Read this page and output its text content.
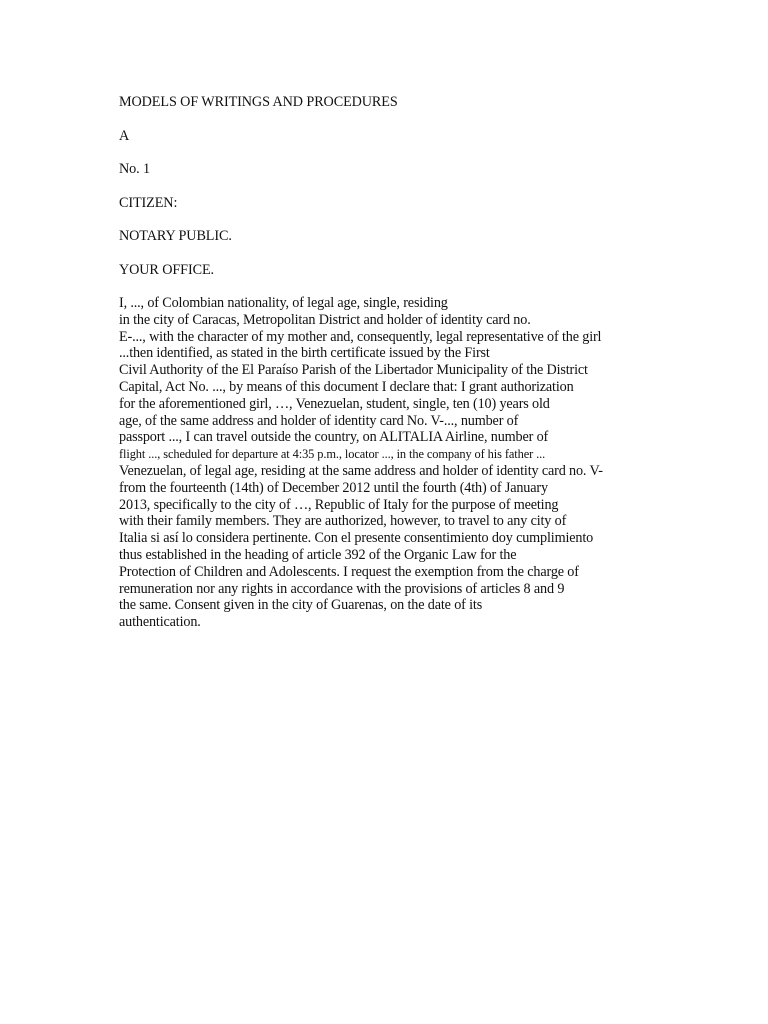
MODELS OF WRITINGS AND PROCEDURES
A
No. 1
CITIZEN:
NOTARY PUBLIC.
YOUR OFFICE.
I, ..., of Colombian nationality, of legal age, single, residing
in the city of Caracas, Metropolitan District and holder of identity card no.
E-..., with the character of my mother and, consequently, legal representative of the girl
...then identified, as stated in the birth certificate issued by the First
Civil Authority of the El Paraíso Parish of the Libertador Municipality of the District
Capital, Act No. ..., by means of this document I declare that: I grant authorization
for the aforementioned girl, …, Venezuelan, student, single, ten (10) years old
age, of the same address and holder of identity card No. V-..., number of
passport ..., I can travel outside the country, on ALITALIA Airline, number of
flight ..., scheduled for departure at 4:35 p.m., locator ..., in the company of his father ...
Venezuelan, of legal age, residing at the same address and holder of identity card no. V-
from the fourteenth (14th) of December 2012 until the fourth (4th) of January
2013, specifically to the city of …, Republic of Italy for the purpose of meeting
with their family members. They are authorized, however, to travel to any city of
Italia si así lo considera pertinente. Con el presente consentimiento doy cumplimiento
thus established in the heading of article 392 of the Organic Law for the
Protection of Children and Adolescents. I request the exemption from the charge of
remuneration nor any rights in accordance with the provisions of articles 8 and 9
the same. Consent given in the city of Guarenas, on the date of its
authentication.
